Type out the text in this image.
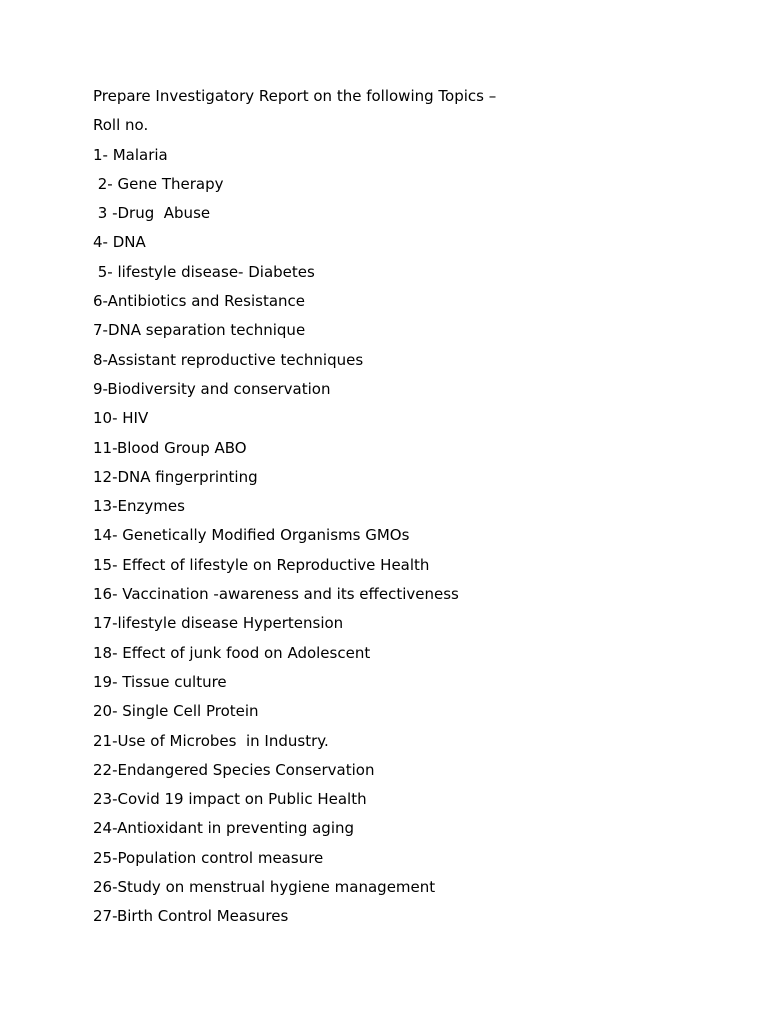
Prepare Investigatory Report on the following Topics –
Roll no.
1- Malaria
2- Gene Therapy
3 -Drug  Abuse
4- DNA
5- lifestyle disease- Diabetes
6-Antibiotics and Resistance
7-DNA separation technique
8-Assistant reproductive techniques
9-Biodiversity and conservation
10- HIV
11-Blood Group ABO
12-DNA fingerprinting
13-Enzymes
14- Genetically Modified Organisms GMOs
15- Effect of lifestyle on Reproductive Health
16- Vaccination -awareness and its effectiveness
17-lifestyle disease Hypertension
18- Effect of junk food on Adolescent
19- Tissue culture
20- Single Cell Protein
21-Use of Microbes  in Industry.
22-Endangered Species Conservation
23-Covid 19 impact on Public Health
24-Antioxidant in preventing aging
25-Population control measure
26-Study on menstrual hygiene management
27-Birth Control Measures
